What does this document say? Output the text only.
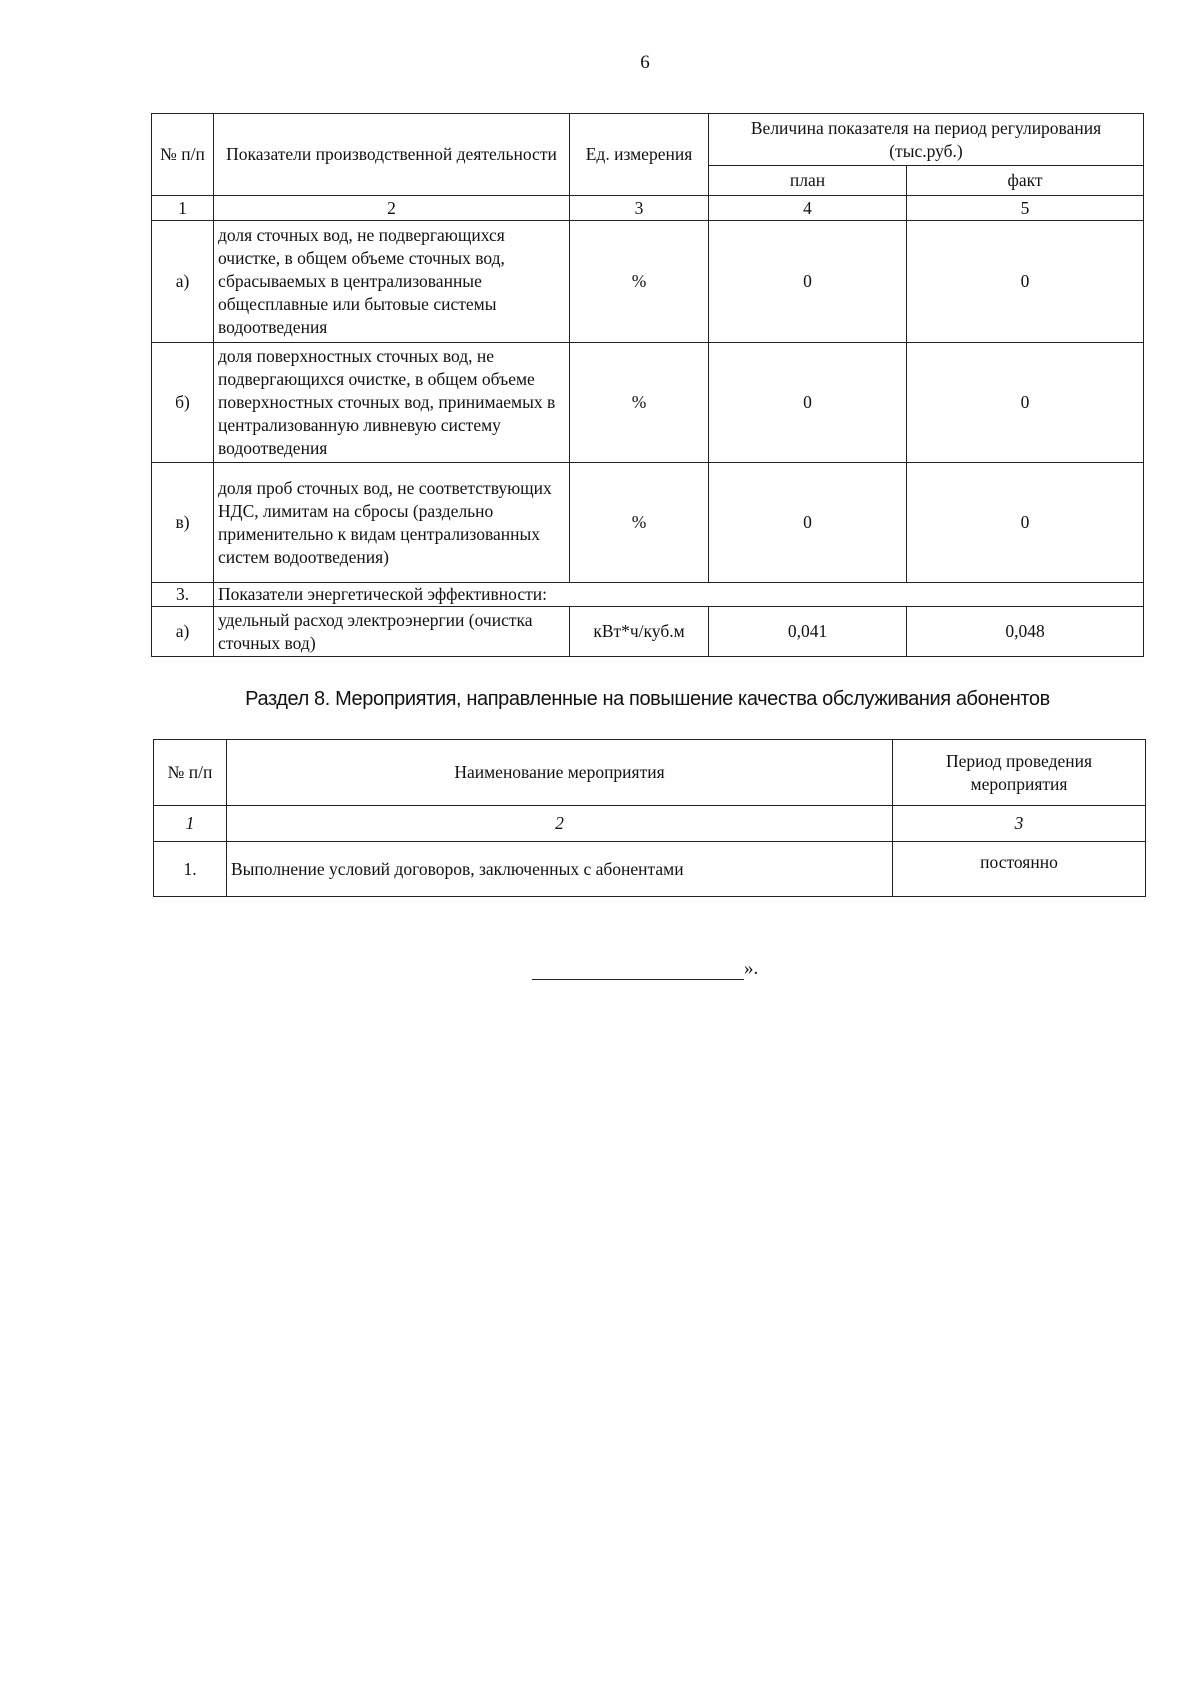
6
№ п/п	Показатели производственной деятельности	Ед. измерения	Величина показателя на период регулирования (тыс.руб.)	
			план	факт
1	2	3	4	5
а)	доля сточных вод, не подвергающихся очистке, в общем объеме сточных вод, сбрасываемых в централизованные общесплавные или бытовые системы водоотведения	%	0	0
б)	доля поверхностных сточных вод, не подвергающихся очистке, в общем объеме поверхностных сточных вод, принимаемых в централизованную ливневую систему водоотведения	%	0	0
в)	доля проб сточных вод, не соответствующих НДС, лимитам на сбросы (раздельно применительно к видам централизованных систем водоотведения)	%	0	0
3.	Показатели энергетической эффективности:			
а)	удельный расход электроэнергии (очистка сточных вод)	кВт*ч/куб.м	0,041	0,048
Раздел 8. Мероприятия, направленные на повышение качества обслуживания абонентов
№ п/п	Наименование мероприятия	Период проведения мероприятия
1	2	3
1.	Выполнение условий договоров, заключенных с абонентами	постоянно
».
